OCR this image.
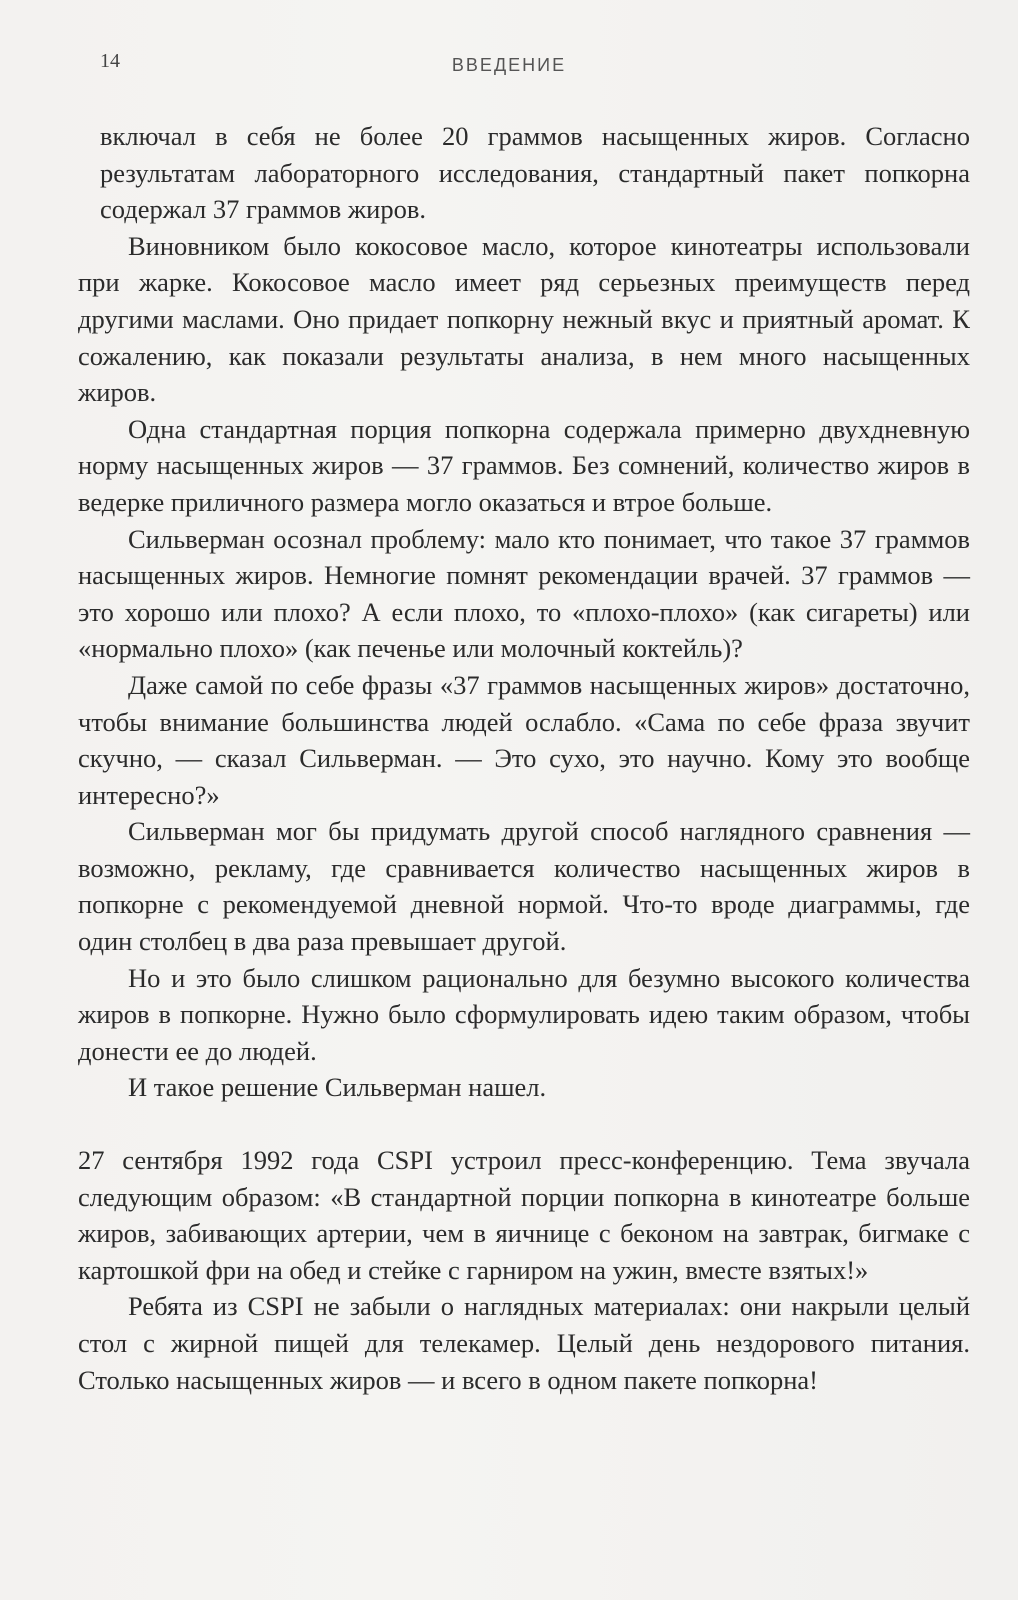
14	ВВЕДЕНИЕ

включал в себя не более 20 граммов насыщенных жиров. Согласно результатам лабораторного исследования, стандартный пакет попкорна содержал 37 граммов жиров.

Виновником было кокосовое масло, которое кинотеатры использовали при жарке. Кокосовое масло имеет ряд серьезных преимуществ перед другими маслами. Оно придает попкорну нежный вкус и приятный аромат. К сожалению, как показали результаты анализа, в нем много насыщенных жиров.

Одна стандартная порция попкорна содержала примерно двухдневную норму насыщенных жиров — 37 граммов. Без сомнений, количество жиров в ведерке приличного размера могло оказаться и втрое больше.

Сильверман осознал проблему: мало кто понимает, что такое 37 граммов насыщенных жиров. Немногие помнят рекомендации врачей. 37 граммов — это хорошо или плохо? А если плохо, то «плохо-плохо» (как сигареты) или «нормально плохо» (как печенье или молочный коктейль)?

Даже самой по себе фразы «37 граммов насыщенных жиров» достаточно, чтобы внимание большинства людей ослабло. «Сама по себе фраза звучит скучно, — сказал Сильверман. — Это сухо, это научно. Кому это вообще интересно?»

Сильверман мог бы придумать другой способ наглядного сравнения — возможно, рекламу, где сравнивается количество насыщенных жиров в попкорне с рекомендуемой дневной нормой. Что-то вроде диаграммы, где один столбец в два раза превышает другой.

Но и это было слишком рационально для безумно высокого количества жиров в попкорне. Нужно было сформулировать идею таким образом, чтобы донести ее до людей.

И такое решение Сильверман нашел.

27 сентября 1992 года CSPI устроил пресс-конференцию. Тема звучала следующим образом: «В стандартной порции попкорна в кинотеатре больше жиров, забивающих артерии, чем в яичнице с беконом на завтрак, бигмаке с картошкой фри на обед и стейке с гарниром на ужин, вместе взятых!»

Ребята из CSPI не забыли о наглядных материалах: они накрыли целый стол с жирной пищей для телекамер. Целый день нездорового питания. Столько насыщенных жиров — и всего в одном пакете попкорна!
